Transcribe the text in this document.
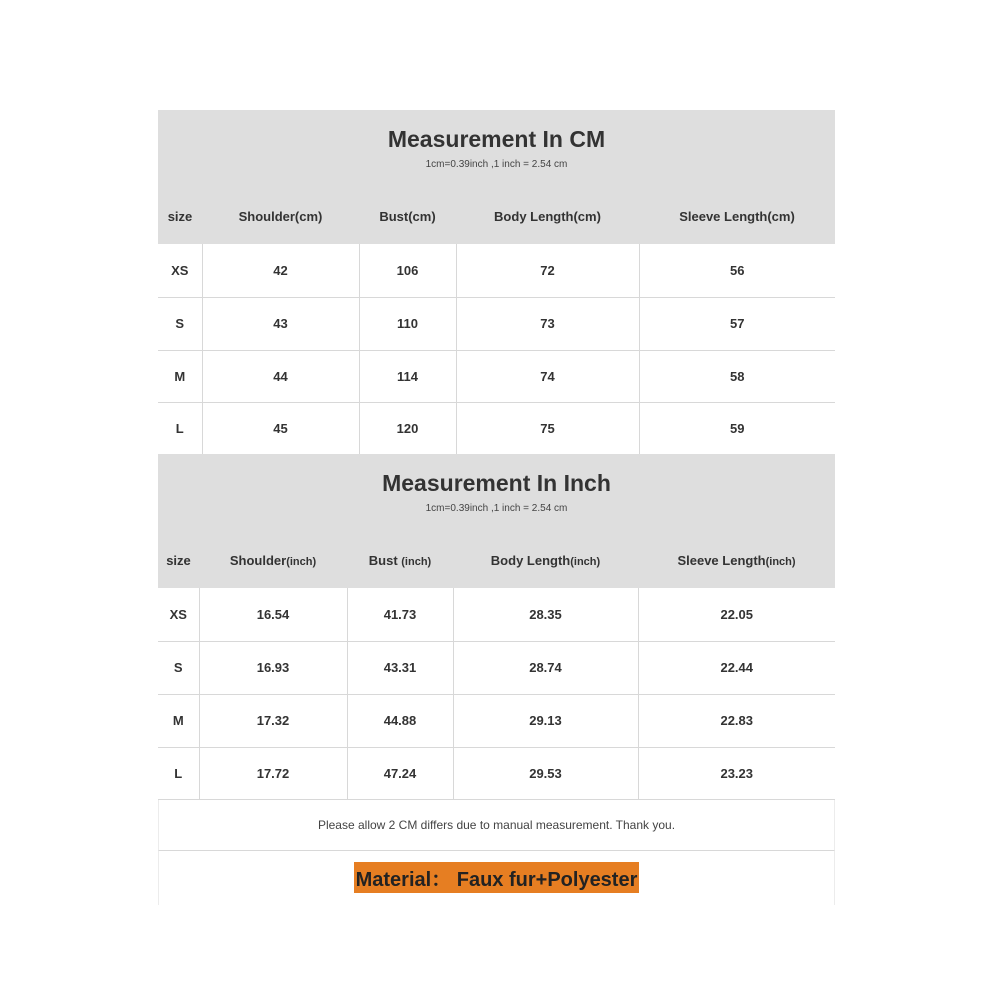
Measurement In CM
1cm=0.39inch ,1 inch = 2.54 cm
size	Shoulder(cm)	Bust(cm)	Body Length(cm)	Sleeve Length(cm)
XS	42	106	72	56
S	43	110	73	57
M	44	114	74	58
L	45	120	75	59
Measurement In Inch
1cm=0.39inch ,1 inch = 2.54 cm
size	Shoulder(inch)	Bust (inch)	Body Length(inch)	Sleeve Length(inch)
XS	16.54	41.73	28.35	22.05
S	16.93	43.31	28.74	22.44
M	17.32	44.88	29.13	22.83
L	17.72	47.24	29.53	23.23
Please allow 2 CM differs due to manual measurement. Thank you.
Material： Faux fur+Polyester
